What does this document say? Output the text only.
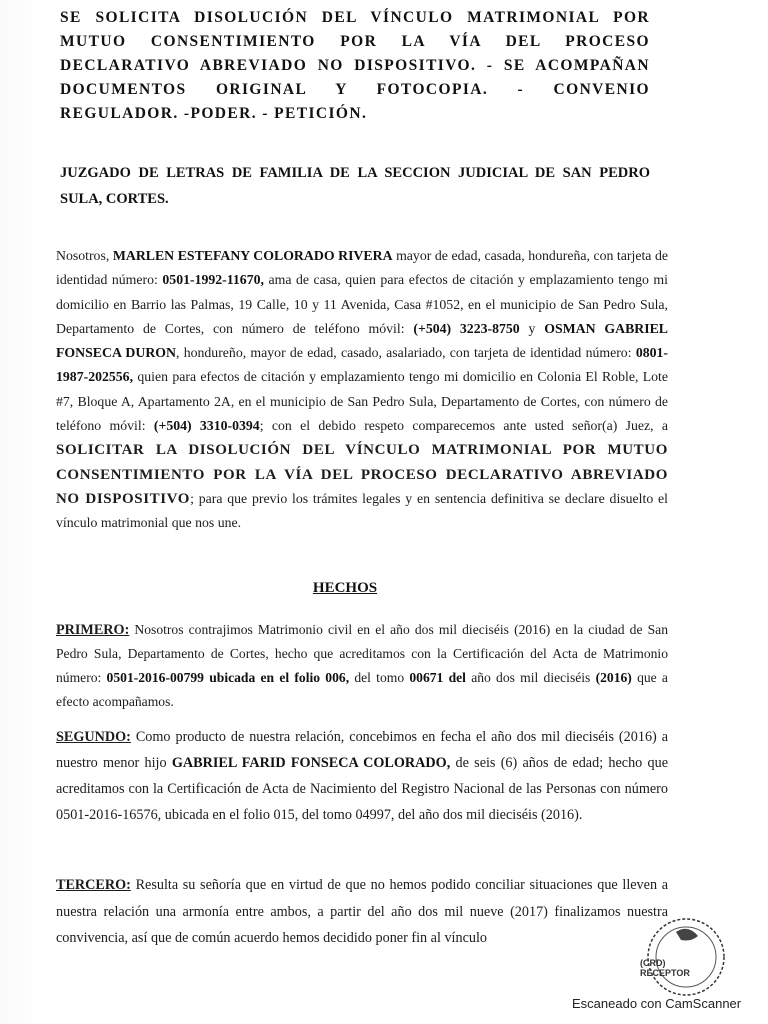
SE SOLICITA DISOLUCIÓN DEL VÍNCULO MATRIMONIAL POR MUTUO CONSENTIMIENTO POR LA VÍA DEL PROCESO DECLARATIVO ABREVIADO NO DISPOSITIVO. - SE ACOMPAÑAN DOCUMENTOS ORIGINAL Y FOTOCOPIA. - CONVENIO REGULADOR. -PODER. - PETICIÓN.
JUZGADO DE LETRAS DE FAMILIA DE LA SECCION JUDICIAL DE SAN PEDRO SULA, CORTES.
Nosotros, MARLEN ESTEFANY COLORADO RIVERA mayor de edad, casada, hondureña, con tarjeta de identidad número: 0501-1992-11670, ama de casa, quien para efectos de citación y emplazamiento tengo mi domicilio en Barrio las Palmas, 19 Calle, 10 y 11 Avenida, Casa #1052, en el municipio de San Pedro Sula, Departamento de Cortes, con número de teléfono móvil: (+504) 3223-8750 y OSMAN GABRIEL FONSECA DURON, hondureño, mayor de edad, casado, asalariado, con tarjeta de identidad número: 0801-1987-202556, quien para efectos de citación y emplazamiento tengo mi domicilio en Colonia El Roble, Lote #7, Bloque A, Apartamento 2A, en el municipio de San Pedro Sula, Departamento de Cortes, con número de teléfono móvil: (+504) 3310-0394; con el debido respeto comparecemos ante usted señor(a) Juez, a SOLICITAR LA DISOLUCIÓN DEL VÍNCULO MATRIMONIAL POR MUTUO CONSENTIMIENTO POR LA VÍA DEL PROCESO DECLARATIVO ABREVIADO NO DISPOSITIVO; para que previo los trámites legales y en sentencia definitiva se declare disuelto el vínculo matrimonial que nos une.
HECHOS
PRIMERO: Nosotros contrajimos Matrimonio civil en el año dos mil dieciséis (2016) en la ciudad de San Pedro Sula, Departamento de Cortes, hecho que acreditamos con la Certificación del Acta de Matrimonio número: 0501-2016-00799 ubicada en el folio 006, del tomo 00671 del año dos mil dieciséis (2016) que a efecto acompañamos.
SEGUNDO: Como producto de nuestra relación, concebimos en fecha el año dos mil dieciséis (2016) a nuestro menor hijo GABRIEL FARID FONSECA COLORADO, de seis (6) años de edad; hecho que acreditamos con la Certificación de Acta de Nacimiento del Registro Nacional de las Personas con número 0501-2016-16576, ubicada en el folio 015, del tomo 04997, del año dos mil dieciséis (2016).
TERCERO: Resulta su señoría que en virtud de que no hemos podido conciliar situaciones que lleven a nuestra relación una armonía entre ambos, a partir del año dos mil nueve (2017) finalizamos nuestra convivencia, así que de común acuerdo hemos decidido poner fin al vínculo
(CRD)
RECEPTOR
Escaneado con CamScanner
